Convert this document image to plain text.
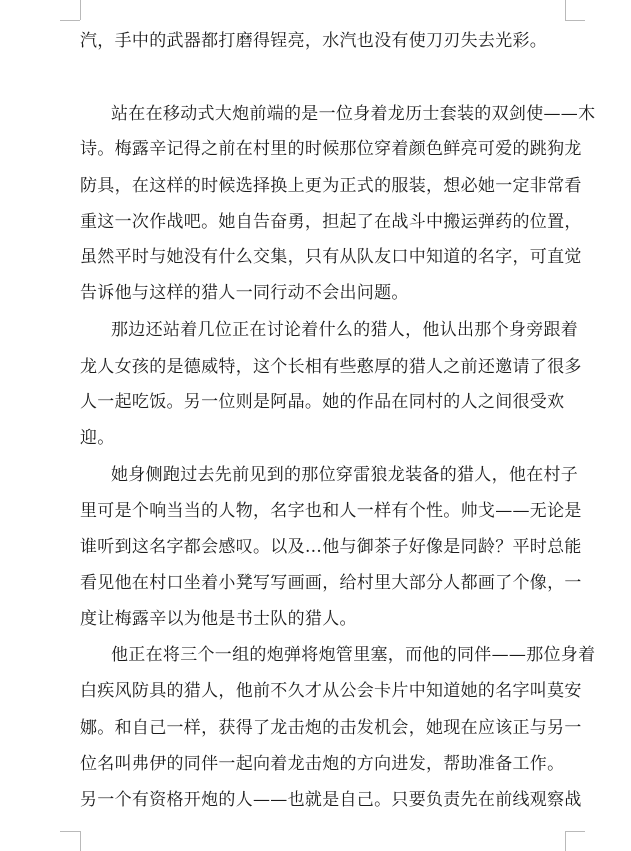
汽，手中的武器都打磨得锃亮，水汽也没有使刀刃失去光彩。
站在在移动式大炮前端的是一位身着龙历士套装的双剑使——木
诗。梅露辛记得之前在村里的时候那位穿着颜色鲜亮可爱的跳狗龙
防具，在这样的时候选择换上更为正式的服装，想必她一定非常看
重这一次作战吧。她自告奋勇，担起了在战斗中搬运弹药的位置，
虽然平时与她没有什么交集，只有从队友口中知道的名字，可直觉
告诉他与这样的猎人一同行动不会出问题。
那边还站着几位正在讨论着什么的猎人，他认出那个身旁跟着
龙人女孩的是德威特，这个长相有些憨厚的猎人之前还邀请了很多
人一起吃饭。另一位则是阿晶。她的作品在同村的人之间很受欢
迎。
她身侧跑过去先前见到的那位穿雷狼龙装备的猎人，他在村子
里可是个响当当的人物，名字也和人一样有个性。帅戈——无论是
谁听到这名字都会感叹。以及…他与御茶子好像是同龄？平时总能
看见他在村口坐着小凳写写画画，给村里大部分人都画了个像，一
度让梅露辛以为他是书士队的猎人。
他正在将三个一组的炮弹将炮管里塞，而他的同伴——那位身着
白疾风防具的猎人，他前不久才从公会卡片中知道她的名字叫莫安
娜。和自己一样，获得了龙击炮的击发机会，她现在应该正与另一
位名叫弗伊的同伴一起向着龙击炮的方向进发，帮助准备工作。
另一个有资格开炮的人——也就是自己。只要负责先在前线观察战
